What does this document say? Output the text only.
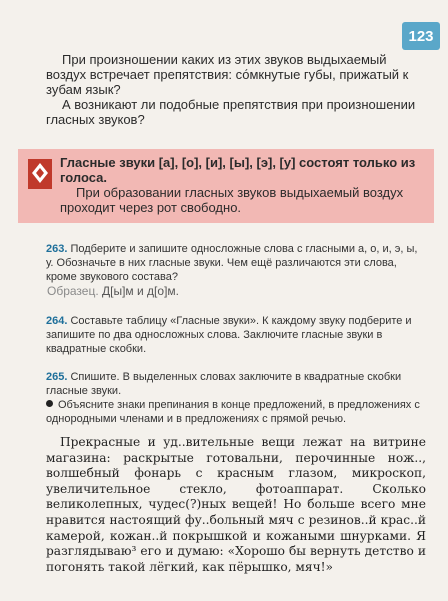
123

При произношении каких из этих звуков выдыхаемый воздух встречает препятствия: со́мкнутые губы, прижатый к зубам язык?

А возникают ли подобные препятствия при произношении гласных звуков?

Гласные звуки [а], [о], [и], [ы], [э], [у] состоят только из голоса.

При образовании гласных звуков выдыхаемый воздух проходит через рот свободно.

263. Подберите и запишите односложные слова с гласными а, о, и, э, ы, у. Обозначьте в них гласные звуки. Чем ещё различаются эти слова, кроме звукового состава?

Образец. Д[ы]м и д[о]м.

264. Составьте таблицу «Гласные звуки». К каждому звуку подберите и запишите по два односложных слова. Заключите гласные звуки в квадратные скобки.

265. Спишите. В выделенных словах заключите в квадратные скобки гласные звуки.

Объясните знаки препинания в конце предложений, в предложениях с однородными членами и в предложениях с прямой речью.

Прекрасные и уд..вительные вещи лежат на витрине магазина: раскрытые готовальни, перочинные нож.., волшебный фонарь с красным глазом, микроскоп, увеличительное стекло, фотоаппарат. Сколько великолепных, чудес(?)ных вещей! Но больше всего мне нравится настоящий фу..больный мяч с резинов..й крас..й камерой, кожан..й покрышкой и кожаными шнурками. Я разглядываю³ его и думаю: «Хорошо бы вернуть детство и погонять такой лёгкий, как пёрышко, мяч!»
